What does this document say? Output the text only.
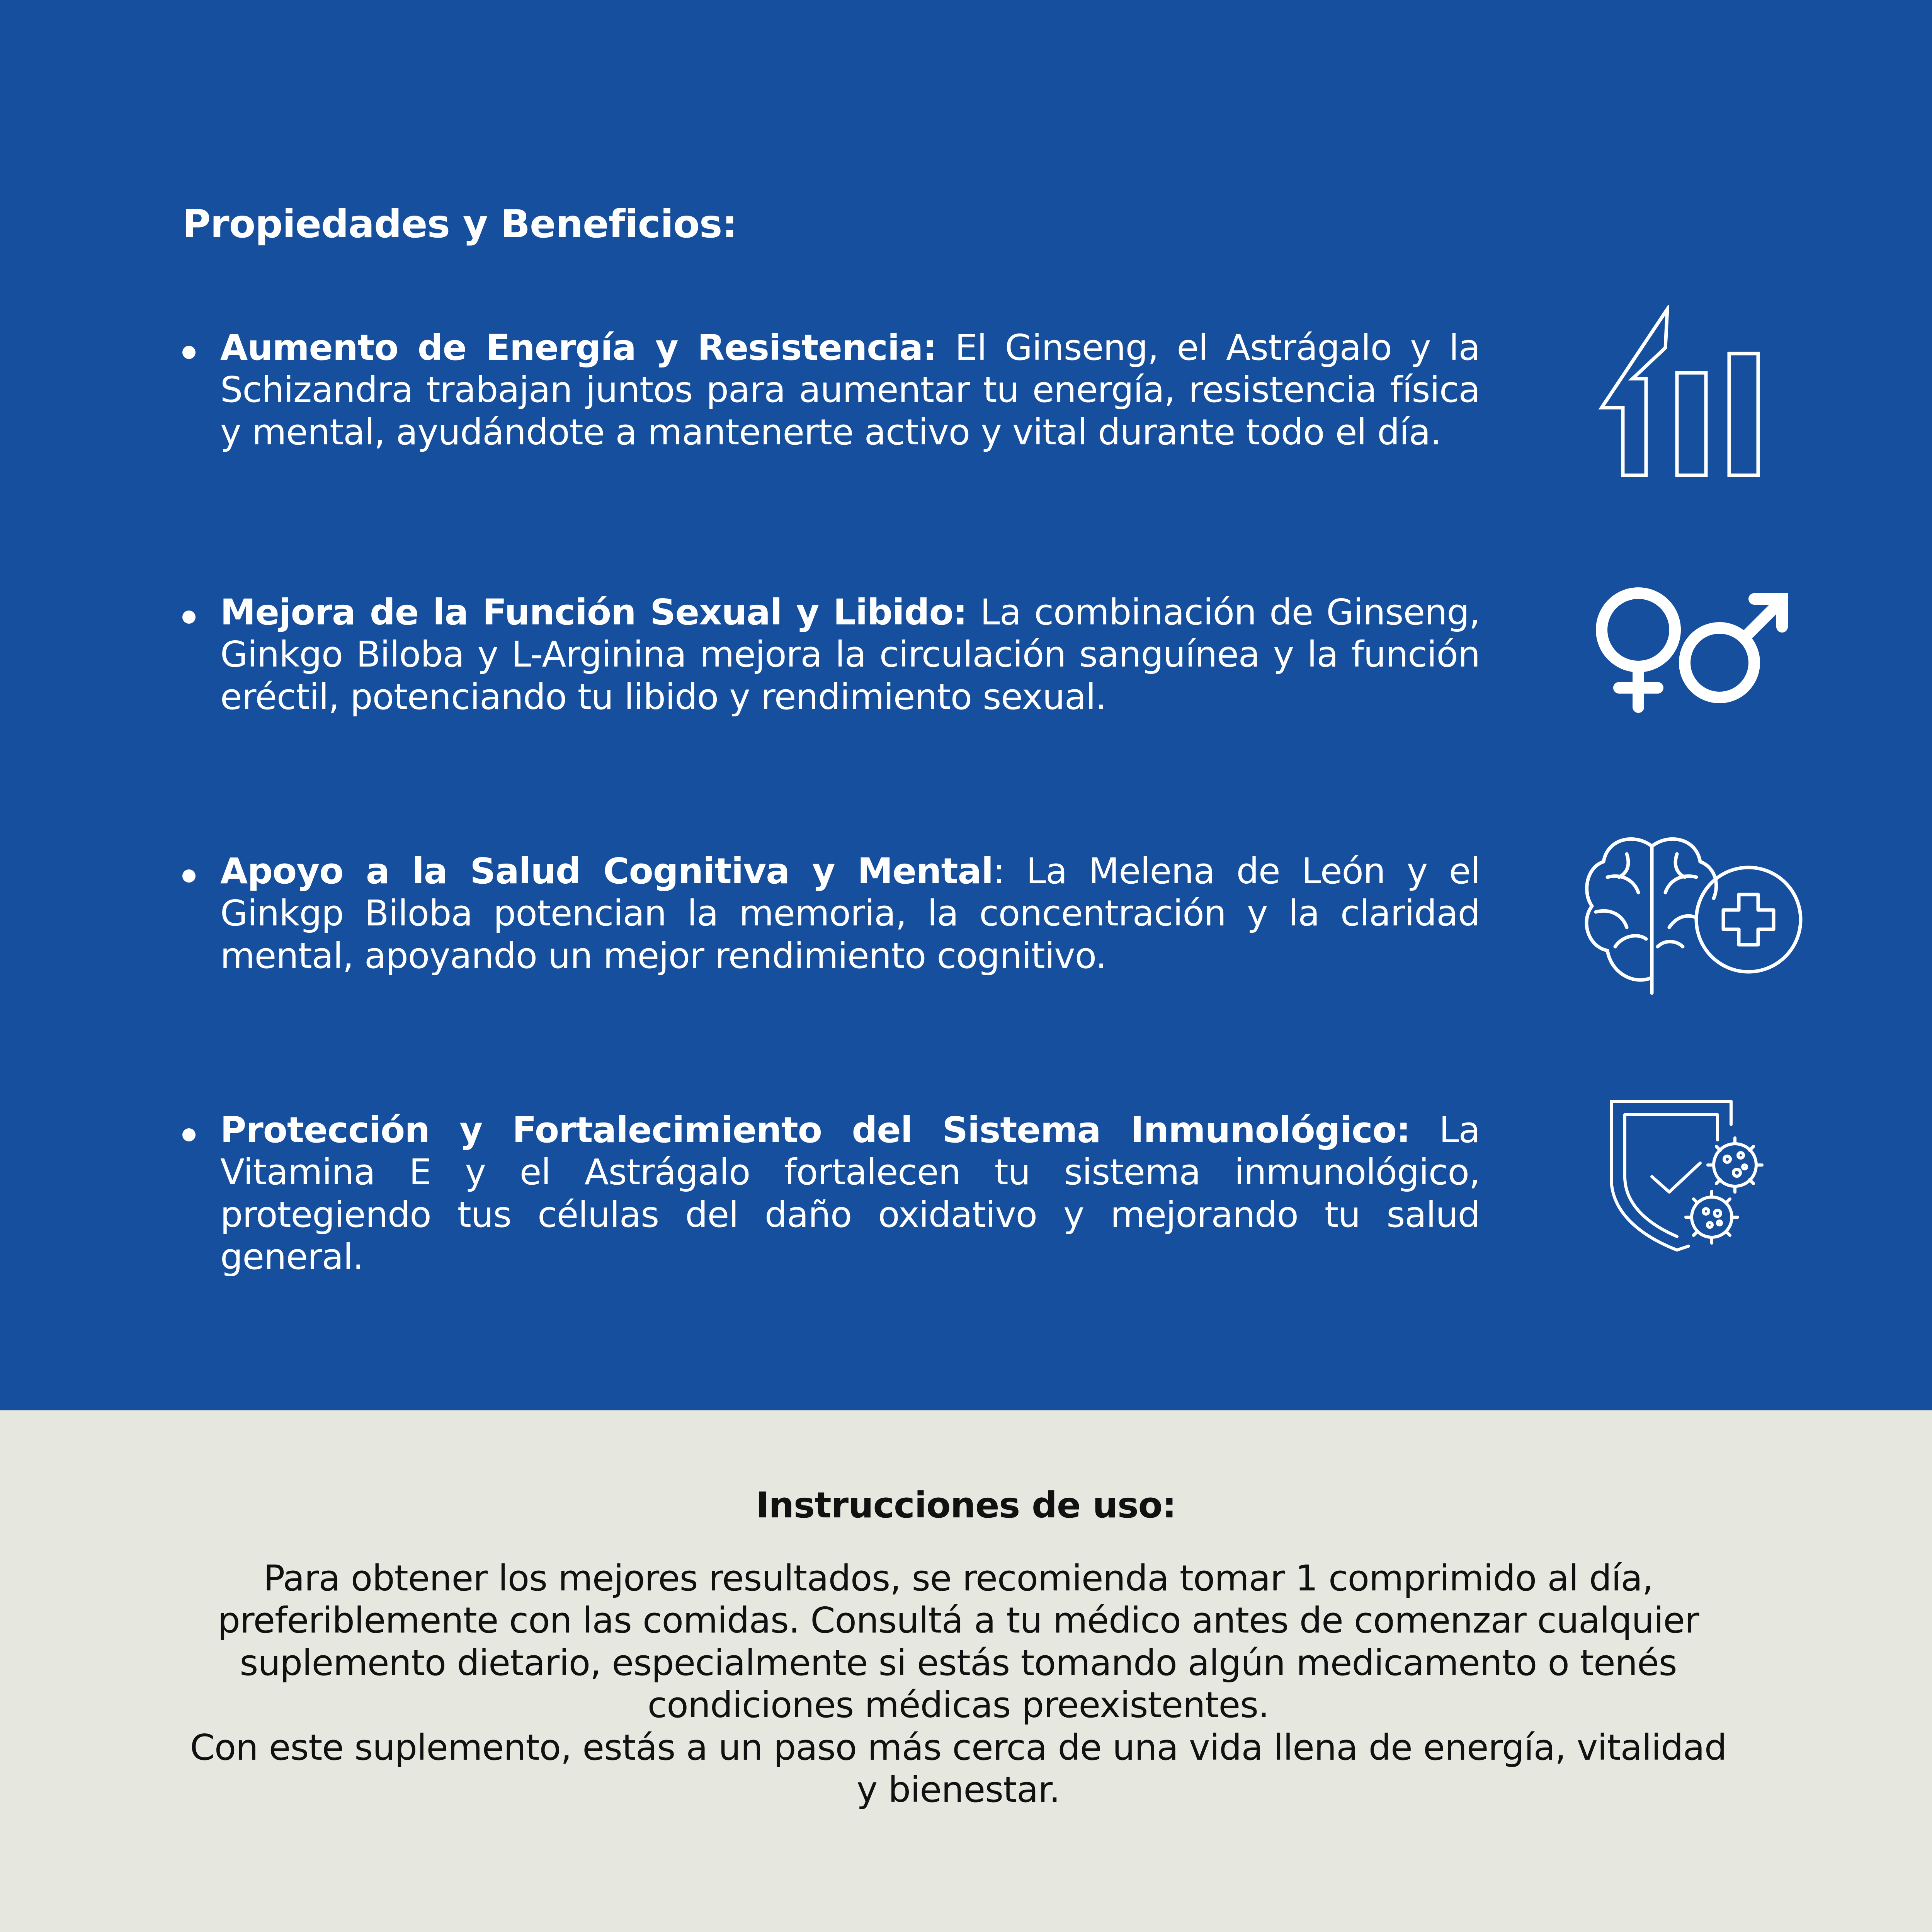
Propiedades y Beneficios:
Aumento de Energía y Resistencia: El Ginseng, el Astrágalo y la Schizandra trabajan juntos para aumentar tu energía, resistencia física y mental, ayudándote a mantenerte activo y vital durante todo el día.
Mejora de la Función Sexual y Libido: La combinación de Ginseng, Ginkgo Biloba y L-Arginina mejora la circulación sanguínea y la función eréctil, potenciando tu libido y rendimiento sexual.
Apoyo a la Salud Cognitiva y Mental: La Melena de León y el Ginkgp Biloba potencian la memoria, la concentración y la claridad mental, apoyando un mejor rendimiento cognitivo.
Protección y Fortalecimiento del Sistema Inmunológico: La Vitamina E y el Astrágalo fortalecen tu sistema inmunológico, protegiendo tus células del daño oxidativo y mejorando tu salud general.
Instrucciones de uso:

Para obtener los mejores resultados, se recomienda tomar 1 comprimido al día, preferiblemente con las comidas. Consultá a tu médico antes de comenzar cualquier suplemento dietario, especialmente si estás tomando algún medicamento o tenés condiciones médicas preexistentes.

Con este suplemento, estás a un paso más cerca de una vida llena de energía, vitalidad y bienestar.
